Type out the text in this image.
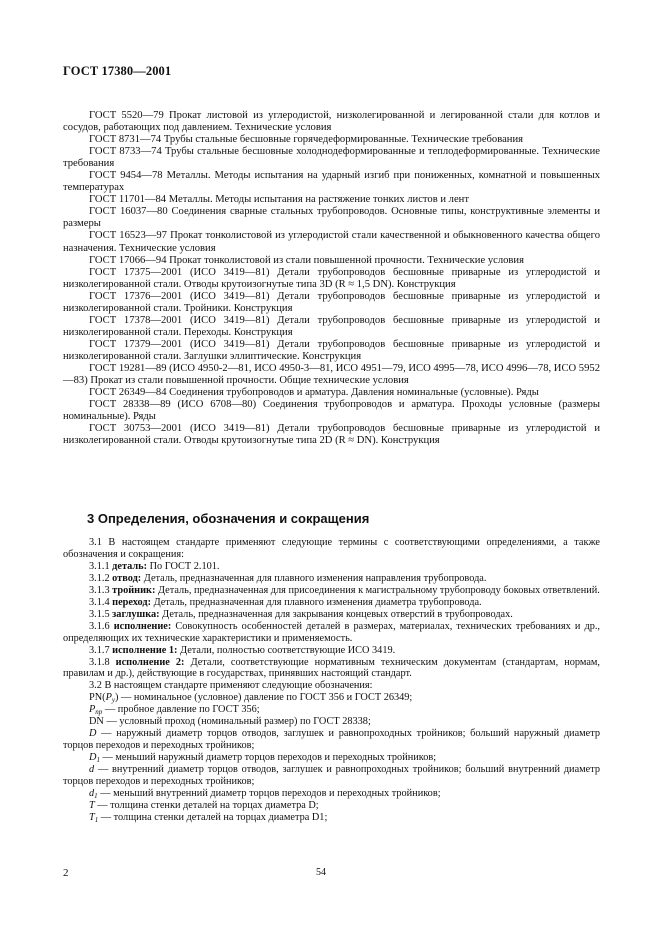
ГОСТ 17380—2001

ГОСТ 5520—79 Прокат листовой из углеродистой, низколегированной и легированной стали для котлов и сосудов, работающих под давлением. Технические условия

ГОСТ 8731—74 Трубы стальные бесшовные горячедеформированные. Технические требования

ГОСТ 8733—74 Трубы стальные бесшовные холоднодеформированные и теплодеформированные. Технические требования

ГОСТ 9454—78 Металлы. Методы испытания на ударный изгиб при пониженных, комнатной и повышенных температурах

ГОСТ 11701—84 Металлы. Методы испытания на растяжение тонких листов и лент

ГОСТ 16037—80 Соединения сварные стальных трубопроводов. Основные типы, конструктивные элементы и размеры

ГОСТ 16523—97 Прокат тонколистовой из углеродистой стали качественной и обыкновенного качества общего назначения. Технические условия

ГОСТ 17066—94 Прокат тонколистовой из стали повышенной прочности. Технические условия

ГОСТ 17375—2001 (ИСО 3419—81) Детали трубопроводов бесшовные приварные из углеродистой и низколегированной стали. Отводы крутоизогнутые типа 3D (R ≈ 1,5 DN). Конструкция

ГОСТ 17376—2001 (ИСО 3419—81) Детали трубопроводов бесшовные приварные из углеродистой и низколегированной стали. Тройники. Конструкция

ГОСТ 17378—2001 (ИСО 3419—81) Детали трубопроводов бесшовные приварные из углеродистой и низколегированной стали. Переходы. Конструкция

ГОСТ 17379—2001 (ИСО 3419—81) Детали трубопроводов бесшовные приварные из углеродистой и низколегированной стали. Заглушки эллиптические. Конструкция

ГОСТ 19281—89 (ИСО 4950-2—81, ИСО 4950-3—81, ИСО 4951—79, ИСО 4995—78, ИСО 4996—78, ИСО 5952—83) Прокат из стали повышенной прочности. Общие технические условия

ГОСТ 26349—84 Соединения трубопроводов и арматура. Давления номинальные (условные). Ряды

ГОСТ 28338—89 (ИСО 6708—80) Соединения трубопроводов и арматура. Проходы условные (размеры номинальные). Ряды

ГОСТ 30753—2001 (ИСО 3419—81) Детали трубопроводов бесшовные приварные из углеродистой и низколегированной стали. Отводы крутоизогнутые типа 2D (R ≈ DN). Конструкция

3 Определения, обозначения и сокращения

3.1 В настоящем стандарте применяют следующие термины с соответствующими определениями, а также обозначения и сокращения:

3.1.1 деталь: По ГОСТ 2.101.

3.1.2 отвод: Деталь, предназначенная для плавного изменения направления трубопровода.

3.1.3 тройник: Деталь, предназначенная для присоединения к магистральному трубопроводу боковых ответвлений.

3.1.4 переход: Деталь, предназначенная для плавного изменения диаметра трубопровода.

3.1.5 заглушка: Деталь, предназначенная для закрывания концевых отверстий в трубопроводах.

3.1.6 исполнение: Совокупность особенностей деталей в размерах, материалах, технических требованиях и др., определяющих их технические характеристики и применяемость.

3.1.7 исполнение 1: Детали, полностью соответствующие ИСО 3419.

3.1.8 исполнение 2: Детали, соответствующие нормативным техническим документам (стандартам, нормам, правилам и др.), действующие в государствах, принявших настоящий стандарт.

3.2 В настоящем стандарте применяют следующие обозначения:

$PN(P_у)$ — номинальное (условное) давление по ГОСТ 356 и ГОСТ 26349;

$P_{пр}$ — пробное давление по ГОСТ 356;

DN — условный проход (номинальный размер) по ГОСТ 28338;

D — наружный диаметр торцов отводов, заглушек и равнопроходных тройников; больший наружный диаметр торцов переходов и переходных тройников;

$D_1$ — меньший наружный диаметр торцов переходов и переходных тройников;

d — внутренний диаметр торцов отводов, заглушек и равнопроходных тройников; больший внутренний диаметр торцов переходов и переходных тройников;

$d_1$ — меньший внутренний диаметр торцов переходов и переходных тройников;

T — толщина стенки деталей на торцах диаметра D;

$T_1$ — толщина стенки деталей на торцах диаметра D1;

2	54
